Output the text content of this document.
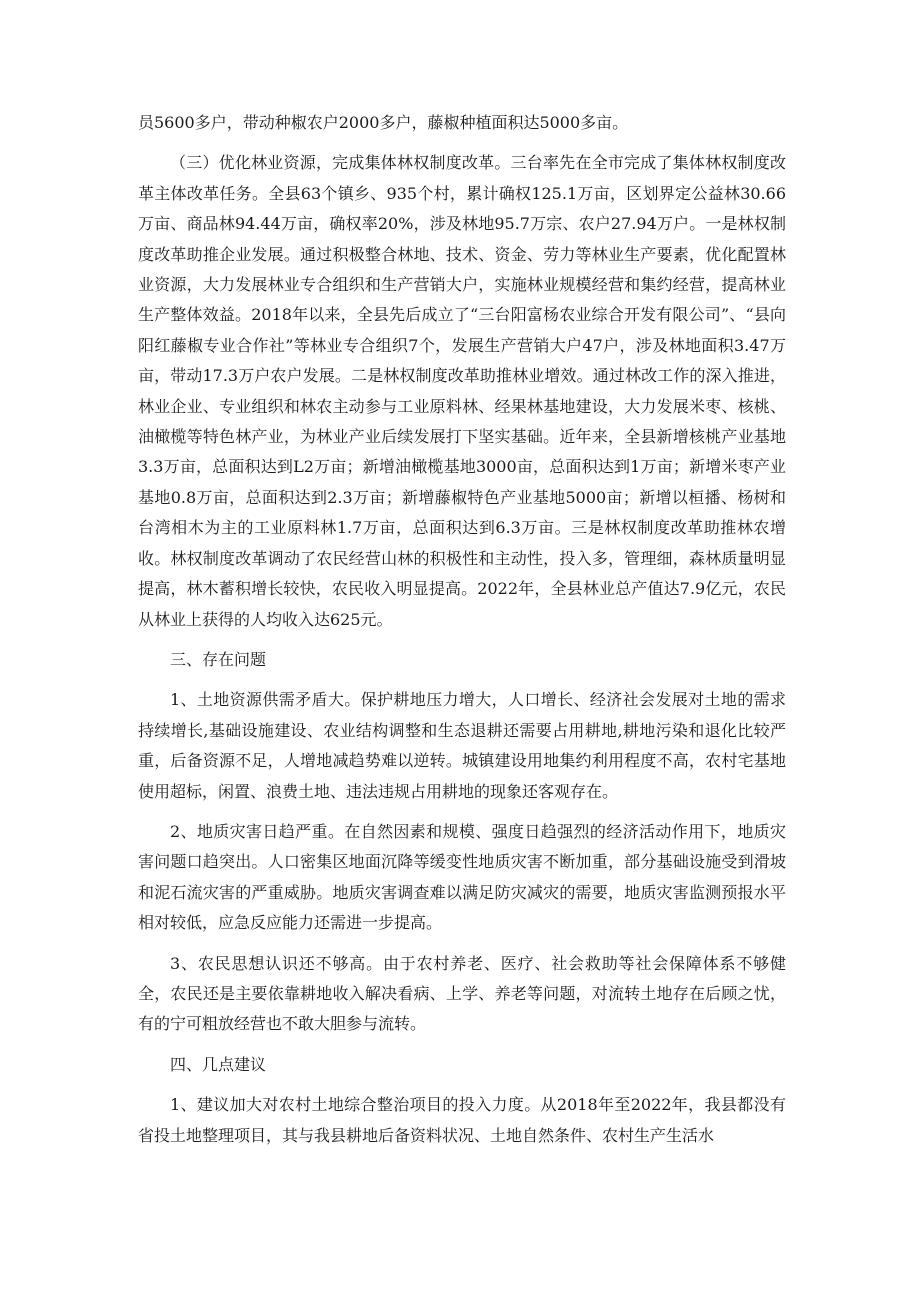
员5600多户，带动种椒农户2000多户，藤椒种植面积达5000多亩。

（三）优化林业资源，完成集体林权制度改革。三台率先在全市完成了集体林权制度改革主体改革任务。全县63个镇乡、935个村，累计确权125.1万亩，区划界定公益林30.66万亩、商品林94.44万亩，确权率20%，涉及林地95.7万宗、农户27.94万户。一是林权制度改革助推企业发展。通过积极整合林地、技术、资金、劳力等林业生产要素，优化配置林业资源，大力发展林业专合组织和生产营销大户，实施林业规模经营和集约经营，提高林业生产整体效益。2018年以来，全县先后成立了“三台阳富杨农业综合开发有限公司”、“县向阳红藤椒专业合作社”等林业专合组织7个，发展生产营销大户47户，涉及林地面积3.47万亩，带动17.3万户农户发展。二是林权制度改革助推林业增效。通过林改工作的深入推进，林业企业、专业组织和林农主动参与工业原料林、经果林基地建设，大力发展米枣、核桃、油橄榄等特色林产业，为林业产业后续发展打下坚实基础。近年来，全县新增核桃产业基地3.3万亩，总面积达到L2万亩；新增油橄榄基地3000亩，总面积达到1万亩；新增米枣产业基地0.8万亩，总面积达到2.3万亩；新增藤椒特色产业基地5000亩；新增以桓播、杨树和台湾相木为主的工业原料林1.7万亩，总面积达到6.3万亩。三是林权制度改革助推林农增收。林权制度改革调动了农民经营山林的积极性和主动性，投入多，管理细，森林质量明显提高，林木蓄积增长较快，农民收入明显提高。2022年，全县林业总产值达7.9亿元，农民从林业上获得的人均收入达625元。

三、存在问题

1、土地资源供需矛盾大。保护耕地压力增大，人口增长、经济社会发展对土地的需求持续增长,基础设施建设、农业结构调整和生态退耕还需要占用耕地,耕地污染和退化比较严重，后备资源不足，人增地减趋势难以逆转。城镇建设用地集约利用程度不高，农村宅基地使用超标，闲置、浪费土地、违法违规占用耕地的现象还客观存在。

2、地质灾害日趋严重。在自然因素和规模、强度日趋强烈的经济活动作用下，地质灾害问题口趋突出。人口密集区地面沉降等缓变性地质灾害不断加重，部分基础设施受到滑坡和泥石流灾害的严重威胁。地质灾害调查难以满足防灾减灾的需要，地质灾害监测预报水平相对较低，应急反应能力还需进一步提高。

3、农民思想认识还不够高。由于农村养老、医疗、社会救助等社会保障体系不够健全，农民还是主要依靠耕地收入解决看病、上学、养老等问题，对流转土地存在后顾之忧，有的宁可粗放经营也不敢大胆参与流转。

四、几点建议

1、建议加大对农村土地综合整治项目的投入力度。从2018年至2022年，我县都没有省投土地整理项目，其与我县耕地后备资料状况、土地自然条件、农村生产生活水
